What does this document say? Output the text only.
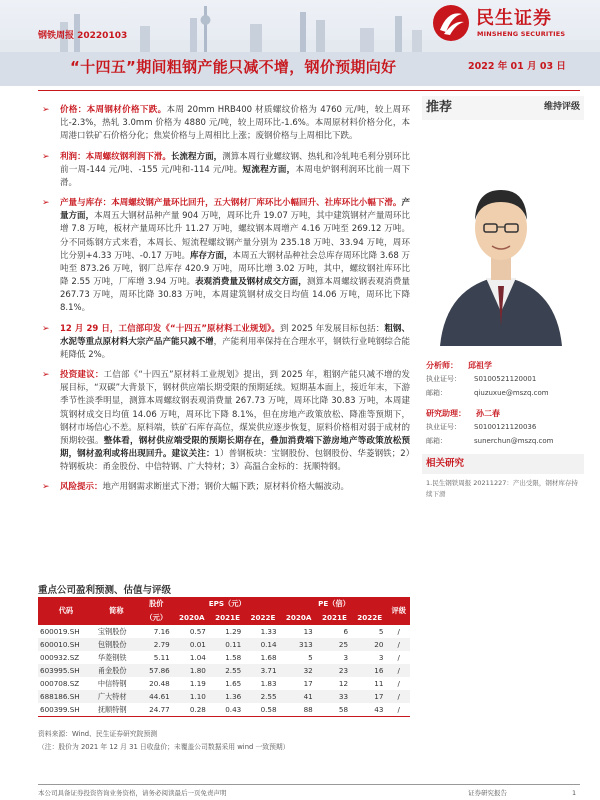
钢铁周报 20220103
民生证券
MINSHENG SECURITIES
“十四五”期间粗钢产能只减不增，钢价预期向好	2022 年 01 月 03 日
➢ 价格：本周钢材价格下跌。本周 20mm HRB400 材质螺纹价格为 4760 元/吨，较上周环比-2.3%，热轧 3.0mm 价格为 4880 元/吨，较上周环比-1.6%。本周原材料价格分化，本周港口铁矿石价格分化；焦炭价格与上周相比上涨；废钢价格与上周相比下跌。
➢ 利润：本周螺纹钢利润下滑。长流程方面，测算本周行业螺纹钢、热轧和冷轧吨毛利分别环比前一周-144 元/吨、-155 元/吨和-114 元/吨。短流程方面，本周电炉钢利润环比前一周下滑。
➢ 产量与库存：本周螺纹钢产量环比回升，五大钢材厂库环比小幅回升、社库环比小幅下滑。产量方面，本周五大钢材品种产量 904 万吨，周环比升 19.07 万吨，其中建筑钢材产量周环比增 7.8 万吨，板材产量周环比升 11.27 万吨，螺纹钢本周增产 4.16 万吨至 269.12 万吨。分不同炼钢方式来看，本周长、短流程螺纹钢产量分别为 235.18 万吨、33.94 万吨，周环比分别+4.33 万吨、-0.17 万吨。库存方面，本周五大钢材品种社会总库存周环比降 3.68 万吨至 873.26 万吨，钢厂总库存 420.9 万吨，周环比增 3.02 万吨，其中，螺纹钢社库环比降 2.55 万吨，厂库增 3.94 万吨。表观消费量及钢材成交方面，测算本周螺纹钢表观消费量 267.73 万吨，周环比降 30.83 万吨，本周建筑钢材成交日均值 14.06 万吨，周环比下降 8.1%。
➢ 12 月 29 日，工信部印发《“十四五”原材料工业规划》。到 2025 年发展目标包括：粗钢、水泥等重点原材料大宗产品产能只减不增，产能利用率保持在合理水平，钢铁行业吨钢综合能耗降低 2%。
➢ 投资建议：工信部《“十四五”原材料工业规划》提出，到 2025 年，粗钢产能只减不增的发展目标，“双碳”大背景下，钢材供应端长期受限的预期延续。短期基本面上，接近年末，下游季节性淡季明显，测算本周螺纹钢表观消费量 267.73 万吨，周环比降 30.83 万吨，本周建筑钢材成交日均值 14.06 万吨，周环比下降 8.1%，但在房地产政策放松、降准等预期下，钢材市场信心不差。原料端，铁矿石库存高位，煤炭供应逐步恢复，原料价格相对弱于成材的预期较强。整体看，钢材供应端受限的预期长期存在，叠加消费端下游房地产等政策放松预期，钢材盈利或将出现回升。建议关注：1）普钢板块：宝钢股份、包钢股份、华菱钢铁；2）特钢板块：甬金股份、中信特钢、广大特材；3）高温合金标的：抚顺特钢。
➢ 风险提示：地产用钢需求断崖式下滑；钢价大幅下跌；原材料价格大幅波动。
推荐	维持评级
分析师： 邱祖学
执业证号：	S0100521120001
邮箱：	qiuzuxue@mszq.com
研究助理： 孙二春
执业证号：	S0100121120036
邮箱：	sunerchun@mszq.com
相关研究
1.民生钢铁周报 20211227：产出受限，钢材库存持续下滑
重点公司盈利预测、估值与评级
代码	简称	股价	EPS（元）			PE（倍）			评级
		（元）	2020A	2021E	2022E	2020A	2021E	2022E	
600019.SH	宝钢股份	7.16	0.57	1.29	1.33	13	6	5	/
600010.SH	包钢股份	2.79	0.01	0.11	0.14	313	25	20	/
000932.SZ	华菱钢铁	5.11	1.04	1.58	1.68	5	3	3	/
603995.SH	甬金股份	57.86	1.80	2.55	3.71	32	23	16	/
000708.SZ	中信特钢	20.48	1.19	1.65	1.83	17	12	11	/
688186.SH	广大特材	44.61	1.10	1.36	2.55	41	33	17	/
600399.SH	抚顺特钢	24.77	0.28	0.43	0.58	88	58	43	/
资料来源：Wind、民生证券研究院预测
（注：股价为 2021 年 12 月 31 日收盘价；未覆盖公司数据采用 wind 一致预期）
本公司具备证券投资咨询业务资格，请务必阅读最后一页免责声明	证券研究报告	1
